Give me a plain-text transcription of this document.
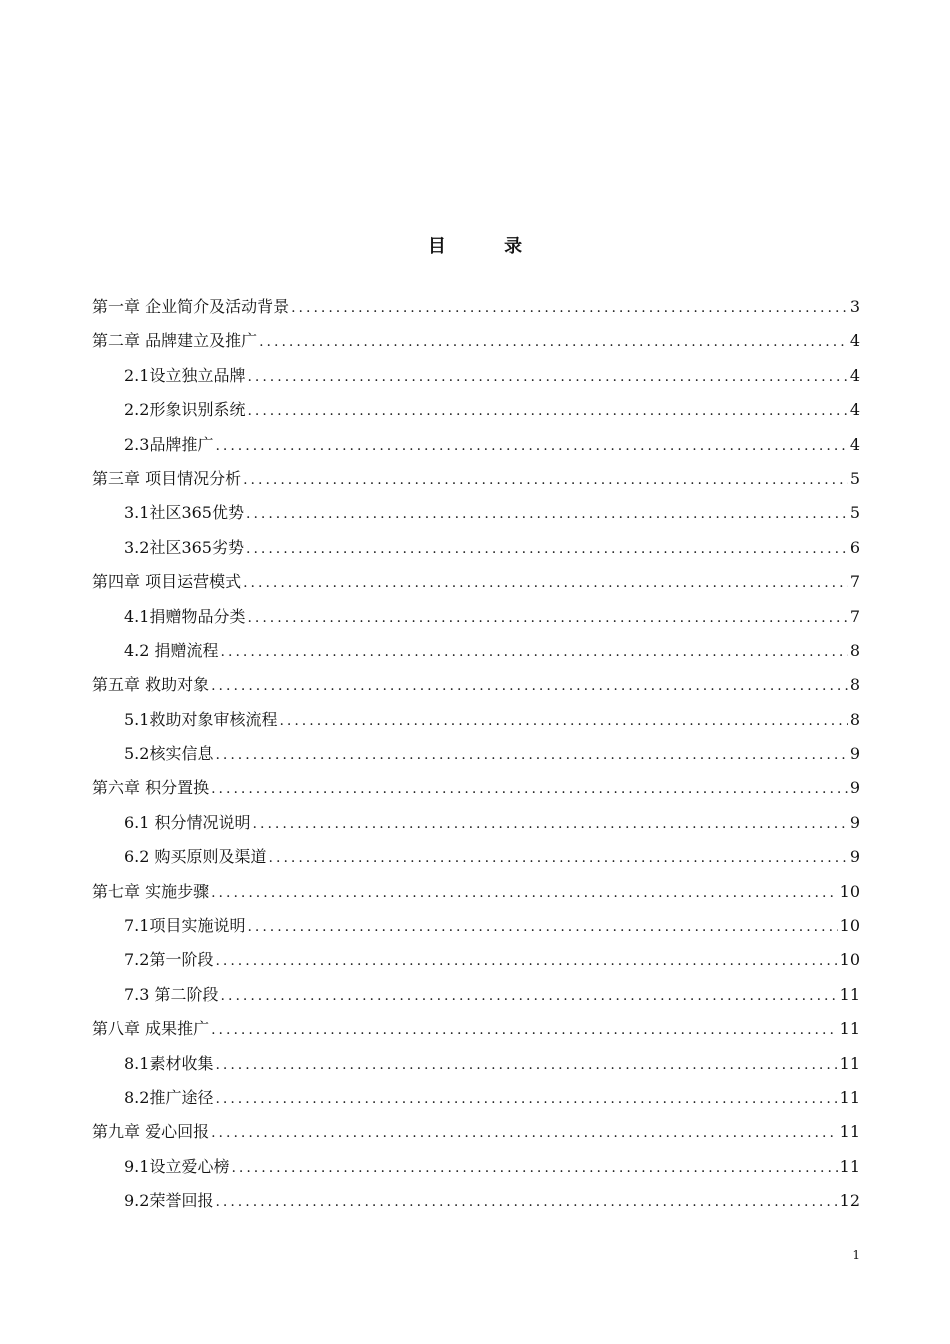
目 录
第一章 企业简介及活动背景 .....	3
第二章 品牌建立及推广 .....	4
2.1设立独立品牌 .....	4
2.2形象识别系统 .....	4
2.3品牌推广 .....	4
第三章 项目情况分析 .....	5
3.1社区365优势 .....	5
3.2社区365劣势 .....	6
第四章 项目运营模式 .....	7
4.1捐赠物品分类 .....	7
4.2 捐赠流程 .....	8
第五章 救助对象 .....	8
5.1救助对象审核流程 .....	8
5.2核实信息 .....	9
第六章 积分置换 .....	9
6.1 积分情况说明 .....	9
6.2 购买原则及渠道 .....	9
第七章 实施步骤 .....	10
7.1项目实施说明 .....	10
7.2第一阶段 .....	10
7.3 第二阶段 .....	11
第八章 成果推广 .....	11
8.1素材收集 .....	11
8.2推广途径 .....	11
第九章 爱心回报 .....	11
9.1设立爱心榜 .....	11
9.2荣誉回报 .....	12
1
